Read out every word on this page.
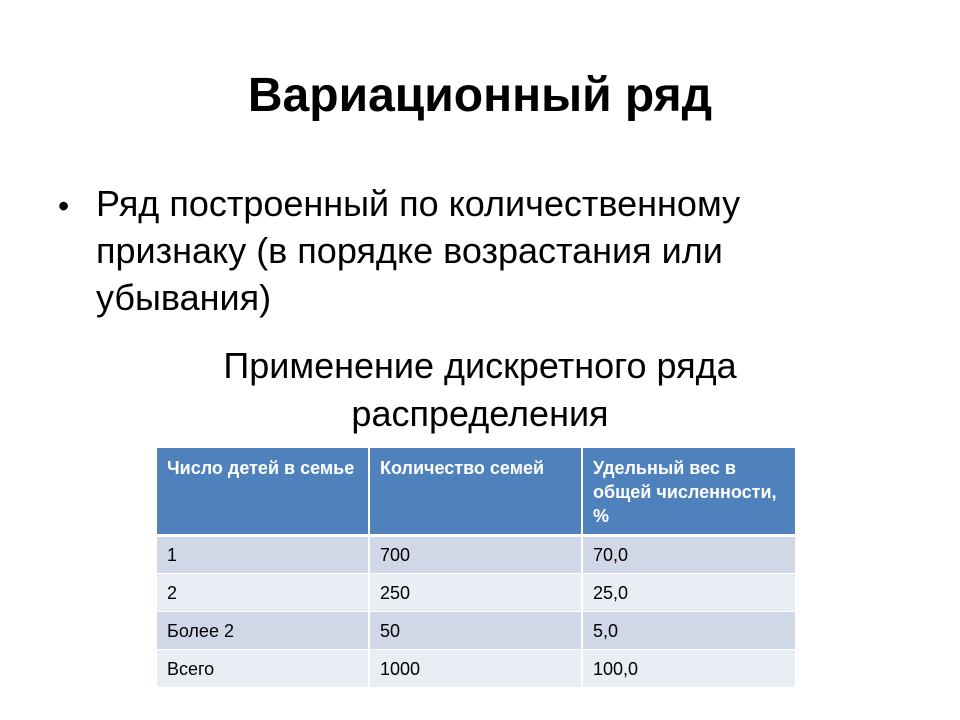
Вариационный ряд
• Ряд построенный по количественному признаку (в порядке возрастания или убывания)
Применение дискретного ряда распределения
Число детей в семье	Количество семей	Удельный вес в общей численности, %
1	700	70,0
2	250	25,0
Более 2	50	5,0
Всего	1000	100,0
